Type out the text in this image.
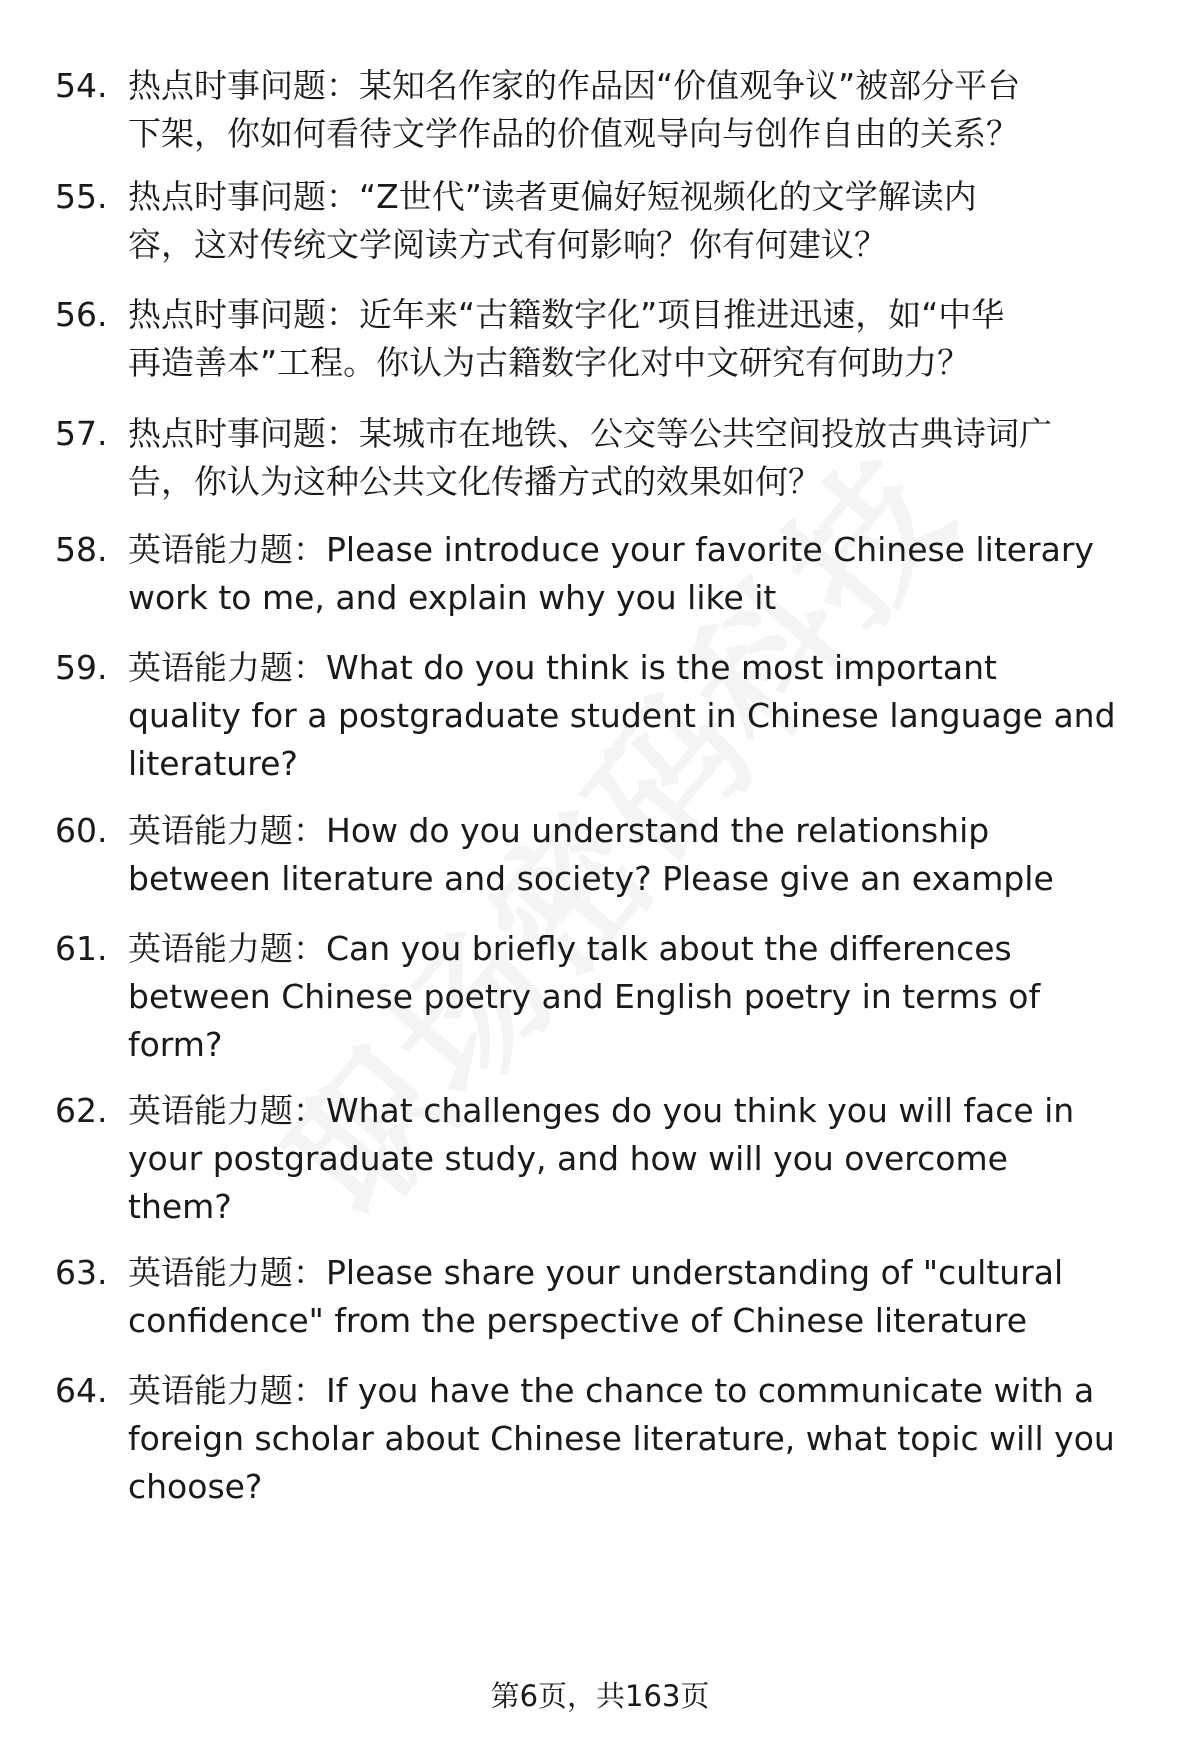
54. 热点时事问题：某知名作家的作品因“价值观争议”被部分平台
下架，你如何看待文学作品的价值观导向与创作自由的关系？
55. 热点时事问题：“Z世代”读者更偏好短视频化的文学解读内
容，这对传统文学阅读方式有何影响？你有何建议？
56. 热点时事问题：近年来“古籍数字化”项目推进迅速，如“中华
再造善本”工程。你认为古籍数字化对中文研究有何助力？
57. 热点时事问题：某城市在地铁、公交等公共空间投放古典诗词广
告，你认为这种公共文化传播方式的效果如何？
58. 英语能力题：Please introduce your favorite Chinese literary
work to me, and explain why you like it
59. 英语能力题：What do you think is the most important
quality for a postgraduate student in Chinese language and
literature?
60. 英语能力题：How do you understand the relationship
between literature and society? Please give an example
61. 英语能力题：Can you briefly talk about the differences
between Chinese poetry and English poetry in terms of
form?
62. 英语能力题：What challenges do you think you will face in
your postgraduate study, and how will you overcome
them?
63. 英语能力题：Please share your understanding of "cultural
confidence" from the perspective of Chinese literature
64. 英语能力题：If you have the chance to communicate with a
foreign scholar about Chinese literature, what topic will you
choose?
第6页，共163页
